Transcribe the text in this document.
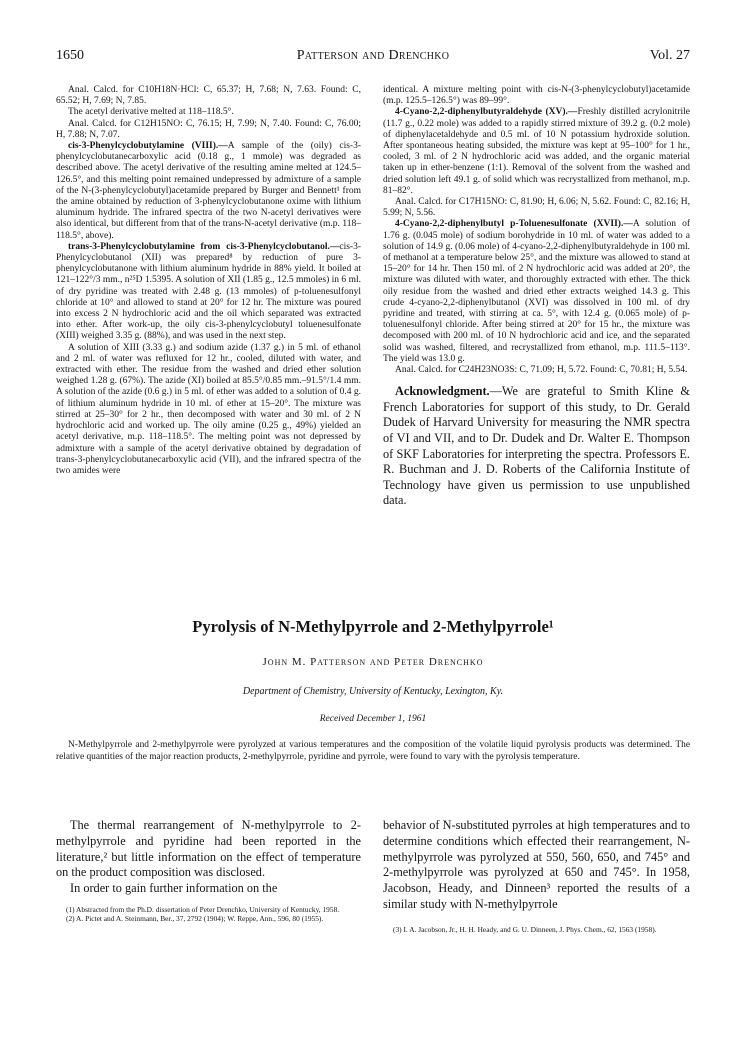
1650	Patterson and Drenchko	Vol. 27

Anal. Calcd. for C10H18N·HCl: C, 65.37; H, 7.68; N, 7.63. Found: C, 65.52; H, 7.69; N, 7.85.

The acetyl derivative melted at 118–118.5°.

Anal. Calcd. for C12H15NO: C, 76.15; H, 7.99; N, 7.40. Found: C, 76.00; H, 7.88; N, 7.07.

cis-3-Phenylcyclobutylamine (VIII).—A sample of the (oily) cis-3-phenylcyclobutanecarboxylic acid (0.18 g., 1 mmole) was degraded as described above. The acetyl derivative of the resulting amine melted at 124.5–126.5°, and this melting point remained undepressed by admixture of a sample of the N-(3-phenylcyclobutyl)acetamide prepared by Burger and Bennett¹ from the amine obtained by reduction of 3-phenylcyclobutanone oxime with lithium aluminum hydride. The infrared spectra of the two N-acetyl derivatives were also identical, but different from that of the trans-N-acetyl derivative (m.p. 118–118.5°, above).

trans-3-Phenylcyclobutylamine from cis-3-Phenylcyclobutanol.—cis-3-Phenylcyclobutanol (XII) was prepared⁸ by reduction of pure 3-phenylcyclobutanone with lithium aluminum hydride in 88% yield. It boiled at 121–122°/3 mm., n²⁵D 1.5395. A solution of XII (1.85 g., 12.5 mmoles) in 6 ml. of dry pyridine was treated with 2.48 g. (13 mmoles) of p-toluenesulfonyl chloride at 10° and allowed to stand at 20° for 12 hr. The mixture was poured into excess 2 N hydrochloric acid and the oil which separated was extracted into ether. After work-up, the oily cis-3-phenylcyclobutyl toluenesulfonate (XIII) weighed 3.35 g. (88%), and was used in the next step.

A solution of XIII (3.33 g.) and sodium azide (1.37 g.) in 5 ml. of ethanol and 2 ml. of water was refluxed for 12 hr., cooled, diluted with water, and extracted with ether. The residue from the washed and dried ether solution weighed 1.28 g. (67%). The azide (XI) boiled at 85.5°/0.85 mm.–91.5°/1.4 mm. A solution of the azide (0.6 g.) in 5 ml. of ether was added to a solution of 0.4 g. of lithium aluminum hydride in 10 ml. of ether at 15–20°. The mixture was stirred at 25–30° for 2 hr., then decomposed with water and 30 ml. of 2 N hydrochloric acid and worked up. The oily amine (0.25 g., 49%) yielded an acetyl derivative, m.p. 118–118.5°. The melting point was not depressed by admixture with a sample of the acetyl derivative obtained by degradation of trans-3-phenylcyclobutanecarboxylic acid (VII), and the infrared spectra of the two amides were

identical. A mixture melting point with cis-N-(3-phenylcyclobutyl)acetamide (m.p. 125.5–126.5°) was 89–99°.

4-Cyano-2,2-diphenylbutyraldehyde (XV).—Freshly distilled acrylonitrile (11.7 g., 0.22 mole) was added to a rapidly stirred mixture of 39.2 g. (0.2 mole) of diphenylacetaldehyde and 0.5 ml. of 10 N potassium hydroxide solution. After spontaneous heating subsided, the mixture was kept at 95–100° for 1 hr., cooled, 3 ml. of 2 N hydrochloric acid was added, and the organic material taken up in ether-benzene (1:1). Removal of the solvent from the washed and dried solution left 49.1 g. of solid which was recrystallized from methanol, m.p. 81–82°.

Anal. Calcd. for C17H15NO: C, 81.90; H, 6.06; N, 5.62. Found: C, 82.16; H, 5.99; N, 5.56.

4-Cyano-2,2-diphenylbutyl p-Toluenesulfonate (XVII).—A solution of 1.76 g. (0.045 mole) of sodium borohydride in 10 ml. of water was added to a solution of 14.9 g. (0.06 mole) of 4-cyano-2,2-diphenylbutyraldehyde in 100 ml. of methanol at a temperature below 25°, and the mixture was allowed to stand at 15–20° for 14 hr. Then 150 ml. of 2 N hydrochloric acid was added at 20°, the mixture was diluted with water, and thoroughly extracted with ether. The thick oily residue from the washed and dried ether extracts weighed 14.3 g. This crude 4-cyano-2,2-diphenylbutanol (XVI) was dissolved in 100 ml. of dry pyridine and treated, with stirring at ca. 5°, with 12.4 g. (0.065 mole) of p-toluenesulfonyl chloride. After being stirred at 20° for 15 hr., the mixture was decomposed with 200 ml. of 10 N hydrochloric acid and ice, and the separated solid was washed, filtered, and recrystallized from ethanol, m.p. 111.5–113°. The yield was 13.0 g.

Anal. Calcd. for C24H23NO3S: C, 71.09; H, 5.72. Found: C, 70.81; H, 5.54.

Acknowledgment.—We are grateful to Smith Kline & French Laboratories for support of this study, to Dr. Gerald Dudek of Harvard University for measuring the NMR spectra of VI and VII, and to Dr. Dudek and Dr. Walter E. Thompson of SKF Laboratories for interpreting the spectra. Professors E. R. Buchman and J. D. Roberts of the California Institute of Technology have given us permission to use unpublished data.

Pyrolysis of N-Methylpyrrole and 2-Methylpyrrole¹
John M. Patterson and Peter Drenchko
Department of Chemistry, University of Kentucky, Lexington, Ky.
Received December 1, 1961

N-Methylpyrrole and 2-methylpyrrole were pyrolyzed at various temperatures and the composition of the volatile liquid pyrolysis products was determined. The relative quantities of the major reaction products, 2-methylpyrrole, pyridine and pyrrole, were found to vary with the pyrolysis temperature.

The thermal rearrangement of N-methylpyrrole to 2-methylpyrrole and pyridine had been reported in the literature,² but little information on the effect of temperature on the product composition was disclosed.

In order to gain further information on the

(1) Abstracted from the Ph.D. dissertation of Peter Drenchko, University of Kentucky, 1958.

(2) A. Pictet and A. Steinmann, Ber., 37, 2792 (1904); W. Reppe, Ann., 596, 80 (1955).

behavior of N-substituted pyrroles at high temperatures and to determine conditions which effected their rearrangement, N-methylpyrrole was pyrolyzed at 550, 560, 650, and 745° and 2-methylpyrrole was pyrolyzed at 650 and 745°. In 1958, Jacobson, Heady, and Dinneen³ reported the results of a similar study with N-methylpyrrole

(3) I. A. Jacobson, Jr., H. H. Heady, and G. U. Dinneen, J. Phys. Chem., 62, 1563 (1958).
